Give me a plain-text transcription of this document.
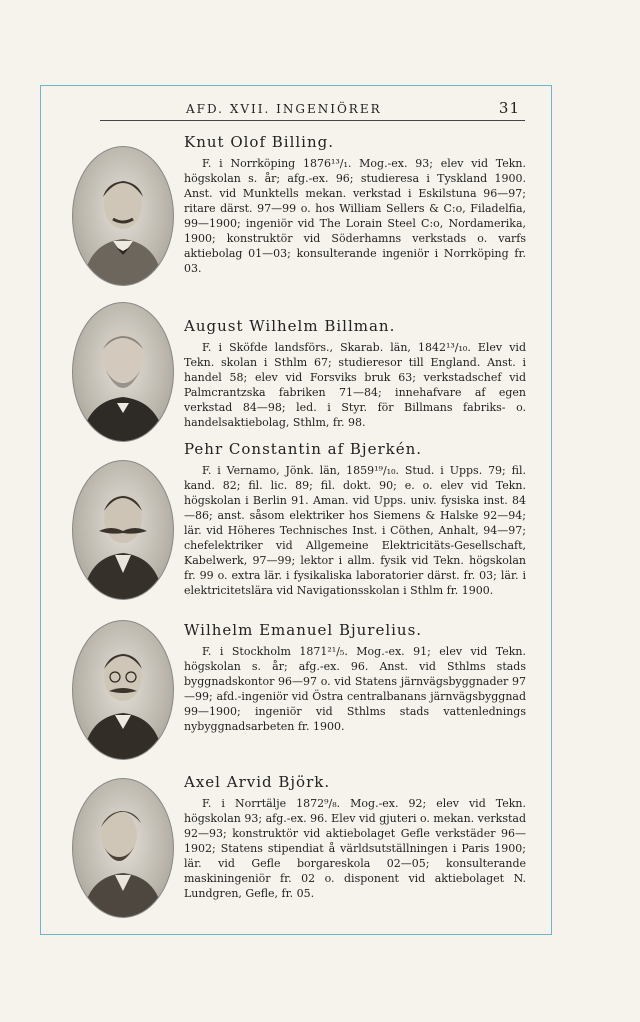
AFD. XVII. INGENIÖRER	31
Knut Olof Billing.
F. i Norrköping 1876¹³/₁. Mog.-ex. 93; elev vid Tekn. högskolan s. år; afg.-ex. 96; studieresa i Tyskland 1900. Anst. vid Munktells mekan. verkstad i Eskilstuna 96—97; ritare därst. 97—99 o. hos William Sellers & C:o, Filadelfia, 99—1900; ingeniör vid The Lorain Steel C:o, Nordamerika, 1900; konstruktör vid Söderhamns verkstads o. varfs aktiebolag 01—03; konsulterande ingeniör i Norrköping fr. 03.
August Wilhelm Billman.
F. i Sköfde landsförs., Skarab. län, 1842¹³/₁₀. Elev vid Tekn. skolan i Sthlm 67; studieresor till England. Anst. i handel 58; elev vid Forsviks bruk 63; verkstadschef vid Palmcrantzska fabriken 71—84; innehafvare af egen verkstad 84—98; led. i Styr. för Billmans fabriks- o. handelsaktiebolag, Sthlm, fr. 98.
Pehr Constantin af Bjerkén.
F. i Vernamo, Jönk. län, 1859¹⁹/₁₀. Stud. i Upps. 79; fil. kand. 82; fil. lic. 89; fil. dokt. 90; e. o. elev vid Tekn. högskolan i Berlin 91. Aman. vid Upps. univ. fysiska inst. 84—86; anst. såsom elektriker hos Siemens & Halske 92—94; lär. vid Höheres Technisches Inst. i Cöthen, Anhalt, 94—97; chefelektriker vid Allgemeine Elektricitäts-Gesellschaft, Kabelwerk, 97—99; lektor i allm. fysik vid Tekn. högskolan fr. 99 o. extra lär. i fysikaliska laboratorier därst. fr. 03; lär. i elektricitetslära vid Navigationsskolan i Sthlm fr. 1900.
Wilhelm Emanuel Bjurelius.
F. i Stockholm 1871²¹/₅. Mog.-ex. 91; elev vid Tekn. högskolan s. år; afg.-ex. 96. Anst. vid Sthlms stads byggnadskontor 96—97 o. vid Statens järnvägsbyggnader 97—99; afd.-ingeniör vid Östra centralbanans järnvägsbyggnad 99—1900; ingeniör vid Sthlms stads vattenlednings nybyggnadsarbeten fr. 1900.
Axel Arvid Björk.
F. i Norrtälje 1872⁹/₈. Mog.-ex. 92; elev vid Tekn. högskolan 93; afg.-ex. 96. Elev vid gjuteri o. mekan. verkstad 92—93; konstruktör vid aktiebolaget Gefle verkstäder 96—1902; Statens stipendiat å världsutställningen i Paris 1900; lär. vid Gefle borgareskola 02—05; konsulterande maskiningeniör fr. 02 o. disponent vid aktiebolaget N. Lundgren, Gefle, fr. 05.
